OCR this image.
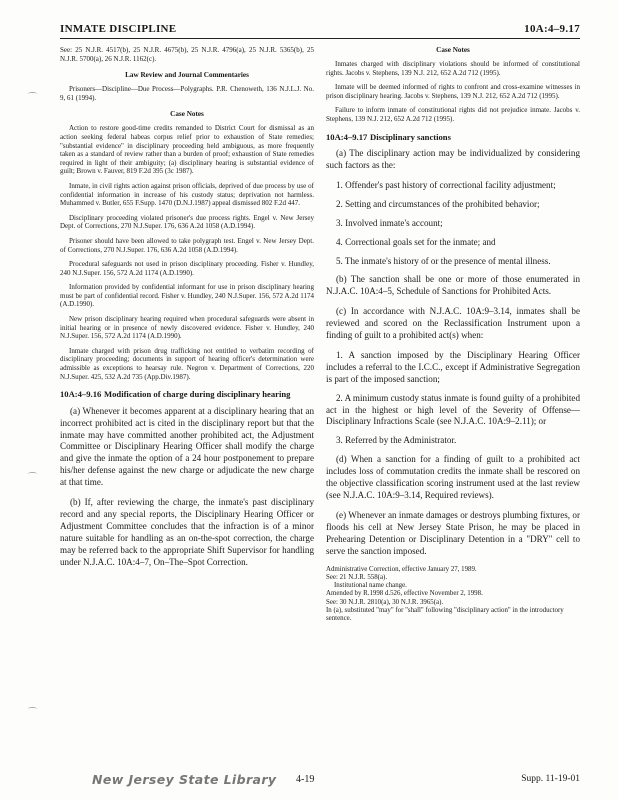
INMATE DISCIPLINE	10A:4–9.17
⌒
⌒
⌒

See: 25 N.J.R. 4517(b), 25 N.J.R. 4675(b), 25 N.J.R. 4796(a), 25 N.J.R. 5365(b), 25 N.J.R. 5700(a), 26 N.J.R. 1162(c).

Law Review and Journal Commentaries

Prisoners—Discipline—Due Process—Polygraphs. P.R. Chenoweth, 136 N.J.L.J. No. 9, 61 (1994).

Case Notes

Action to restore good-time credits remanded to District Court for dismissal as an action seeking federal habeas corpus relief prior to exhaustion of State remedies; "substantial evidence" in disciplinary proceeding held ambiguous, as more frequently taken as a standard of review rather than a burden of proof; exhaustion of State remedies required in light of their ambiguity; (a) disciplinary hearing is substantial evidence of guilt; Brown v. Fauver, 819 F.2d 395 (3c 1987).

Inmate, in civil rights action against prison officials, deprived of due process by use of confidential information in increase of his custody status; deprivation not harmless. Muhammed v. Butler, 655 F.Supp. 1470 (D.N.J.1987) appeal dismissed 802 F.2d 447.

Disciplinary proceeding violated prisoner's due process rights. Engel v. New Jersey Dept. of Corrections, 270 N.J.Super. 176, 636 A.2d 1058 (A.D.1994).

Prisoner should have been allowed to take polygraph test. Engel v. New Jersey Dept. of Corrections, 270 N.J.Super. 176, 636 A.2d 1058 (A.D.1994).

Procedural safeguards not used in prison disciplinary proceeding. Fisher v. Hundley, 240 N.J.Super. 156, 572 A.2d 1174 (A.D.1990).

Information provided by confidential informant for use in prison disciplinary hearing must be part of confidential record. Fisher v. Hundley, 240 N.J.Super. 156, 572 A.2d 1174 (A.D.1990).

New prison disciplinary hearing required when procedural safeguards were absent in initial hearing or in presence of newly discovered evidence. Fisher v. Hundley, 240 N.J.Super. 156, 572 A.2d 1174 (A.D.1990).

Inmate charged with prison drug trafficking not entitled to verbatim recording of disciplinary proceeding; documents in support of hearing officer's determination were admissible as exceptions to hearsay rule. Negron v. Department of Corrections, 220 N.J.Super. 425, 532 A.2d 735 (App.Div.1987).

10A:4–9.16 Modification of charge during disciplinary hearing

(a) Whenever it becomes apparent at a disciplinary hearing that an incorrect prohibited act is cited in the disciplinary report but that the inmate may have committed another prohibited act, the Adjustment Committee or Disciplinary Hearing Officer shall modify the charge and give the inmate the option of a 24 hour postponement to prepare his/her defense against the new charge or adjudicate the new charge at that time.

(b) If, after reviewing the charge, the inmate's past disciplinary record and any special reports, the Disciplinary Hearing Officer or Adjustment Committee concludes that the infraction is of a minor nature suitable for handling as an on-the-spot correction, the charge may be referred back to the appropriate Shift Supervisor for handling under N.J.A.C. 10A:4–7, On–The–Spot Correction.

Case Notes

Inmates charged with disciplinary violations should be informed of constitutional rights. Jacobs v. Stephens, 139 N.J. 212, 652 A.2d 712 (1995).

Inmate will be deemed informed of rights to confront and cross-examine witnesses in prison disciplinary hearing. Jacobs v. Stephens, 139 N.J. 212, 652 A.2d 712 (1995).

Failure to inform inmate of constitutional rights did not prejudice inmate. Jacobs v. Stephens, 139 N.J. 212, 652 A.2d 712 (1995).

10A:4–9.17 Disciplinary sanctions

(a) The disciplinary action may be individualized by considering such factors as the:

1. Offender's past history of correctional facility adjustment;

2. Setting and circumstances of the prohibited behavior;

3. Involved inmate's account;

4. Correctional goals set for the inmate; and

5. The inmate's history of or the presence of mental illness.

(b) The sanction shall be one or more of those enumerated in N.J.A.C. 10A:4–5, Schedule of Sanctions for Prohibited Acts.

(c) In accordance with N.J.A.C. 10A:9–3.14, inmates shall be reviewed and scored on the Reclassification Instrument upon a finding of guilt to a prohibited act(s) when:

1. A sanction imposed by the Disciplinary Hearing Officer includes a referral to the I.C.C., except if Administrative Segregation is part of the imposed sanction;

2. A minimum custody status inmate is found guilty of a prohibited act in the highest or high level of the Severity of Offense—Disciplinary Infractions Scale (see N.J.A.C. 10A:9–2.11); or

3. Referred by the Administrator.

(d) When a sanction for a finding of guilt to a prohibited act includes loss of commutation credits the inmate shall be rescored on the objective classification scoring instrument used at the last review (see N.J.A.C. 10A:9–3.14, Required reviews).

(e) Whenever an inmate damages or destroys plumbing fixtures, or floods his cell at New Jersey State Prison, he may be placed in Prehearing Detention or Disciplinary Detention in a "DRY" cell to serve the sanction imposed.

Administrative Correction, effective January 27, 1989.
See: 21 N.J.R. 558(a).
Institutional name change.
Amended by R.1998 d.526, effective November 2, 1998.
See: 30 N.J.R. 2810(a), 30 N.J.R. 3965(a).
In (a), substituted "may" for "shall" following "disciplinary action" in the introductory sentence.
New Jersey State Library 4-19	Supp. 11-19-01
